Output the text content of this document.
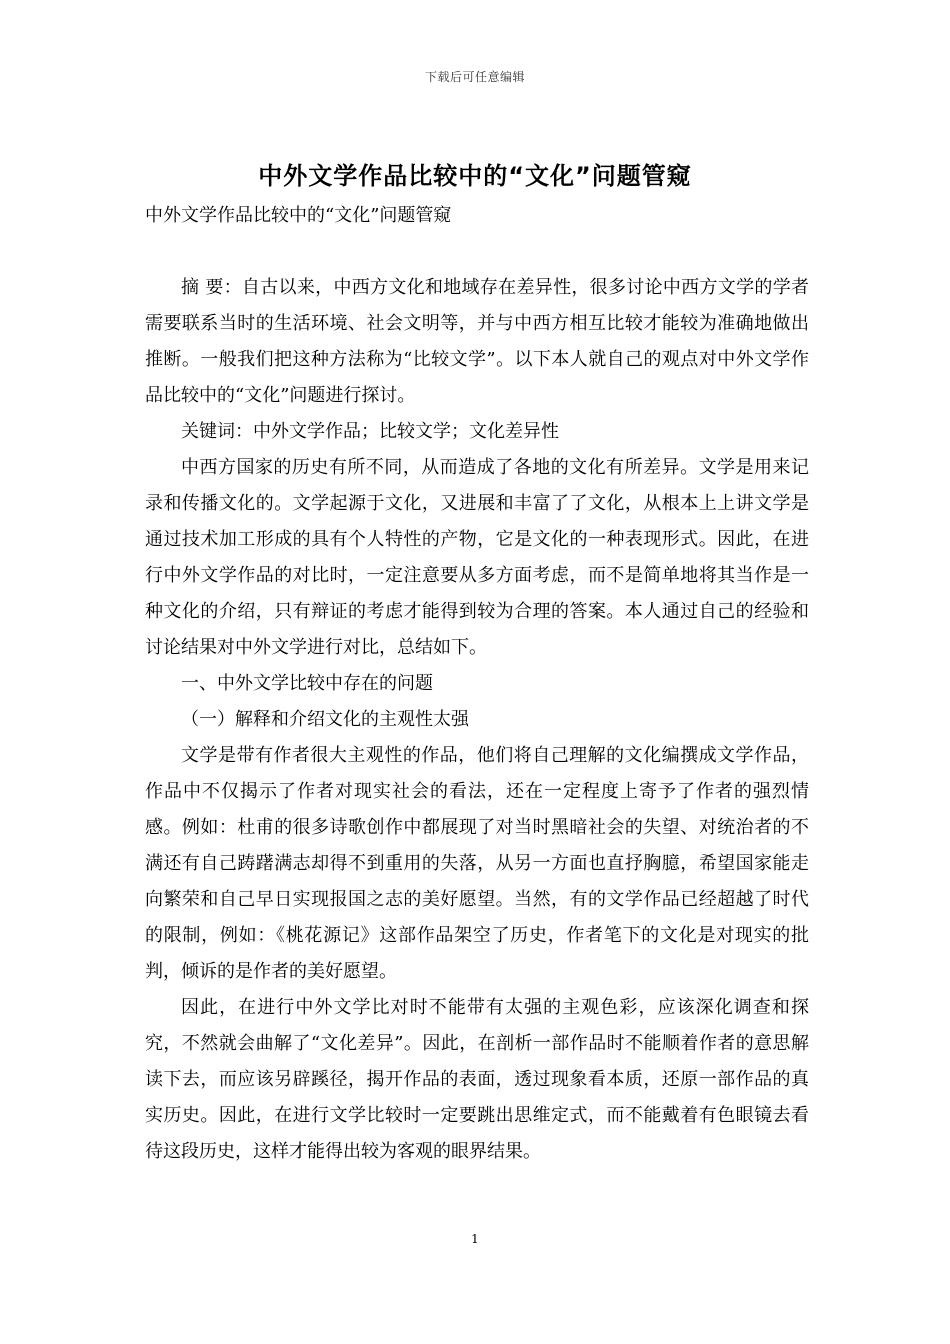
下载后可任意编辑
中外文学作品比较中的“文化”问题管窥

中外文学作品比较中的“文化”问题管窥

摘 要：自古以来，中西方文化和地域存在差异性，很多讨论中西方文学的学者需要联系当时的生活环境、社会文明等，并与中西方相互比较才能较为准确地做出推断。一般我们把这种方法称为“比较文学”。以下本人就自己的观点对中外文学作品比较中的“文化”问题进行探讨。

关键词：中外文学作品；比较文学；文化差异性

中西方国家的历史有所不同，从而造成了各地的文化有所差异。文学是用来记录和传播文化的。文学起源于文化，又进展和丰富了了文化，从根本上上讲文学是通过技术加工形成的具有个人特性的产物，它是文化的一种表现形式。因此，在进行中外文学作品的对比时，一定注意要从多方面考虑，而不是简单地将其当作是一种文化的介绍，只有辩证的考虑才能得到较为合理的答案。本人通过自己的经验和讨论结果对中外文学进行对比，总结如下。

一、中外文学比较中存在的问题

（一）解释和介绍文化的主观性太强

文学是带有作者很大主观性的作品，他们将自己理解的文化编撰成文学作品，作品中不仅揭示了作者对现实社会的看法，还在一定程度上寄予了作者的强烈情感。例如：杜甫的很多诗歌创作中都展现了对当时黑暗社会的失望、对统治者的不满还有自己踌躇满志却得不到重用的失落，从另一方面也直抒胸臆，希望国家能走向繁荣和自己早日实现报国之志的美好愿望。当然，有的文学作品已经超越了时代的限制，例如：《桃花源记》这部作品架空了历史，作者笔下的文化是对现实的批判，倾诉的是作者的美好愿望。

因此，在进行中外文学比对时不能带有太强的主观色彩，应该深化调查和探究，不然就会曲解了“文化差异”。因此，在剖析一部作品时不能顺着作者的意思解读下去，而应该另辟蹊径，揭开作品的表面，透过现象看本质，还原一部作品的真实历史。因此，在进行文学比较时一定要跳出思维定式，而不能戴着有色眼镜去看待这段历史，这样才能得出较为客观的眼界结果。

1
